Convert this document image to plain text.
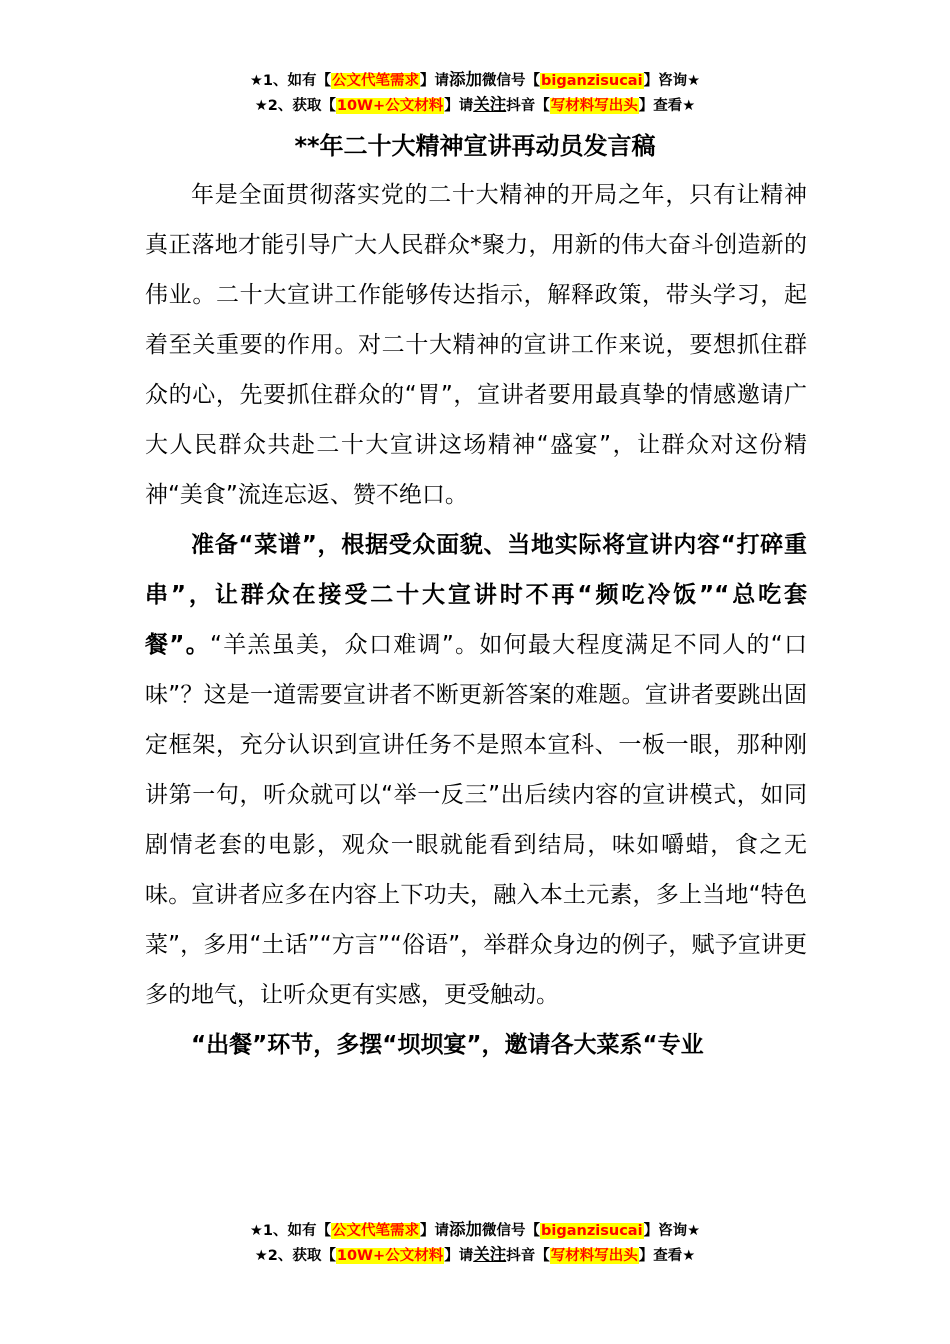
★1、如有【公文代笔需求】请添加微信号【biganzisucai】咨询★
★2、获取【10W+公文材料】请关注抖音【写材料写出头】查看★
**年二十大精神宣讲再动员发言稿

年是全面贯彻落实党的二十大精神的开局之年，只有让精神真正落地才能引导广大人民群众*聚力，用新的伟大奋斗创造新的伟业。二十大宣讲工作能够传达指示，解释政策，带头学习，起着至关重要的作用。对二十大精神的宣讲工作来说，要想抓住群众的心，先要抓住群众的“胃”，宣讲者要用最真挚的情感邀请广大人民群众共赴二十大宣讲这场精神“盛宴”，让群众对这份精神“美食”流连忘返、赞不绝口。

准备“菜谱”，根据受众面貌、当地实际将宣讲内容“打碎重串”，让群众在接受二十大宣讲时不再“频吃冷饭”“总吃套餐”。“羊羔虽美，众口难调”。如何最大程度满足不同人的“口味”？这是一道需要宣讲者不断更新答案的难题。宣讲者要跳出固定框架，充分认识到宣讲任务不是照本宣科、一板一眼，那种刚讲第一句，听众就可以“举一反三”出后续内容的宣讲模式，如同剧情老套的电影，观众一眼就能看到结局，味如嚼蜡，食之无味。宣讲者应多在内容上下功夫，融入本土元素，多上当地“特色菜”，多用“土话”“方言”“俗语”，举群众身边的例子，赋予宣讲更多的地气，让听众更有实感，更受触动。

“出餐”环节，多摆“坝坝宴”，邀请各大菜系“专业

★1、如有【公文代笔需求】请添加微信号【biganzisucai】咨询★
★2、获取【10W+公文材料】请关注抖音【写材料写出头】查看★
